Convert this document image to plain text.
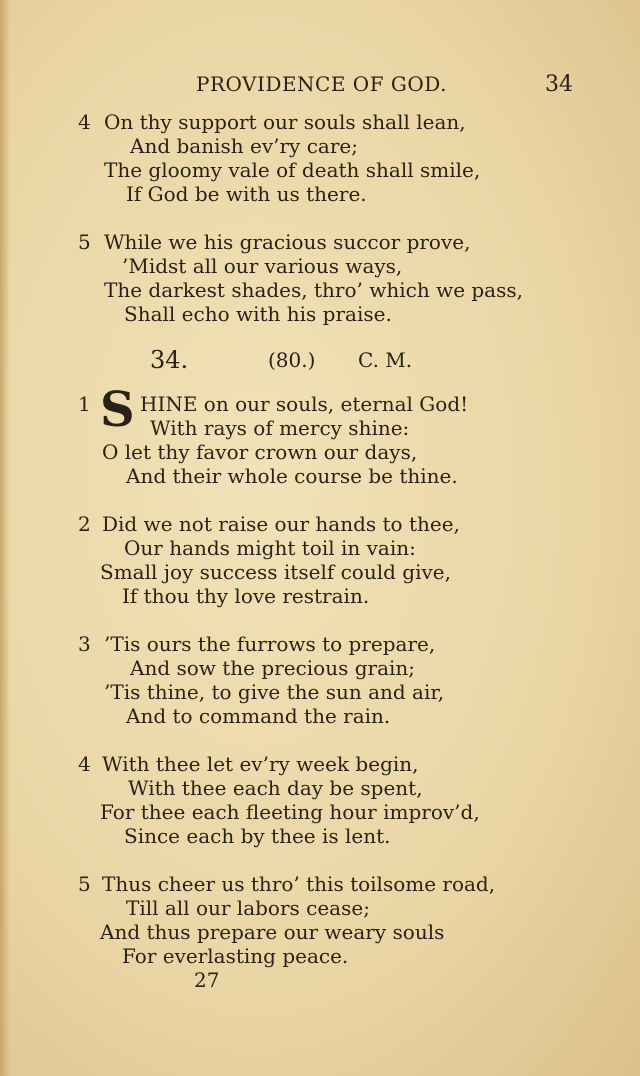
PROVIDENCE OF GOD.	34
4 On thy support our souls shall lean,
And banish ev’ry care;
The gloomy vale of death shall smile,
If God be with us there.
5 While we his gracious succor prove,
’Midst all our various ways,
The darkest shades, thro’ which we pass,
Shall echo with his praise.
34.	(80.) C. M.
1 S HINE on our souls, eternal God!
With rays of mercy shine:
O let thy favor crown our days,
And their whole course be thine.
2 Did we not raise our hands to thee,
Our hands might toil in vain:
Small joy success itself could give,
If thou thy love restrain.
3 ’Tis ours the furrows to prepare,
And sow the precious grain;
’Tis thine, to give the sun and air,
And to command the rain.
4 With thee let ev’ry week begin,
With thee each day be spent,
For thee each fleeting hour improv’d,
Since each by thee is lent.
5 Thus cheer us thro’ this toilsome road,
Till all our labors cease;
And thus prepare our weary souls
For everlasting peace.
27
